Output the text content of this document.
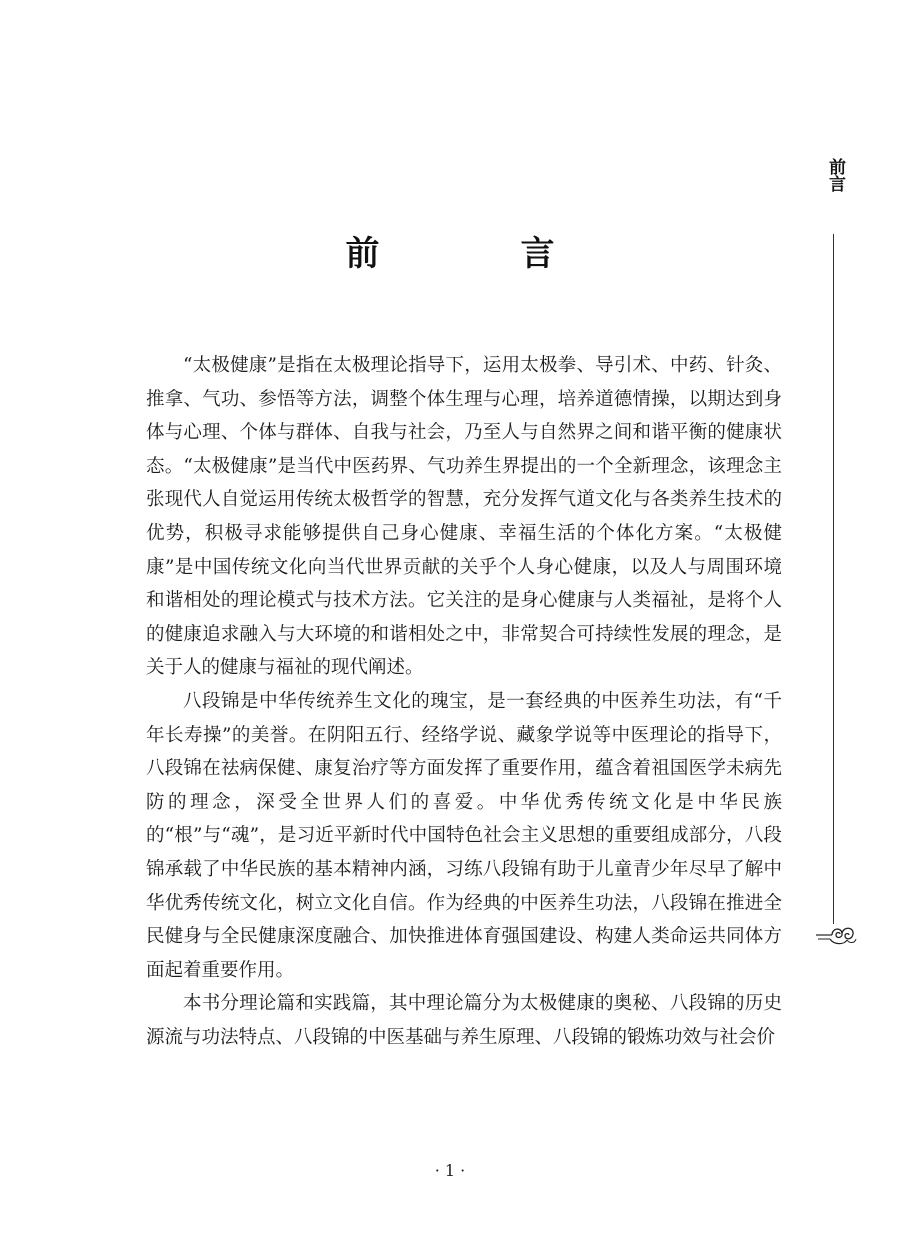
前言
前 言

“太极健康”是指在太极理论指导下，运用太极拳、导引术、中药、针灸、推拿、气功、参悟等方法，调整个体生理与心理，培养道德情操，以期达到身体与心理、个体与群体、自我与社会，乃至人与自然界之间和谐平衡的健康状态。“太极健康”是当代中医药界、气功养生界提出的一个全新理念，该理念主张现代人自觉运用传统太极哲学的智慧，充分发挥气道文化与各类养生技术的优势，积极寻求能够提供自己身心健康、幸福生活的个体化方案。“太极健康”是中国传统文化向当代世界贡献的关乎个人身心健康，以及人与周围环境和谐相处的理论模式与技术方法。它关注的是身心健康与人类福祉，是将个人的健康追求融入与大环境的和谐相处之中，非常契合可持续性发展的理念，是关于人的健康与福祉的现代阐述。

八段锦是中华传统养生文化的瑰宝，是一套经典的中医养生功法，有“千年长寿操”的美誉。在阴阳五行、经络学说、藏象学说等中医理论的指导下，八段锦在祛病保健、康复治疗等方面发挥了重要作用，蕴含着祖国医学未病先防的理念，深受全世界人们的喜爱。中华优秀传统文化是中华民族的“根”与“魂”，是习近平新时代中国特色社会主义思想的重要组成部分，八段锦承载了中华民族的基本精神内涵，习练八段锦有助于儿童青少年尽早了解中华优秀传统文化，树立文化自信。作为经典的中医养生功法，八段锦在推进全民健身与全民健康深度融合、加快推进体育强国建设、构建人类命运共同体方面起着重要作用。

本书分理论篇和实践篇，其中理论篇分为太极健康的奥秘、八段锦的历史源流与功法特点、八段锦的中医基础与养生原理、八段锦的锻炼功效与社会价

· 1 ·
